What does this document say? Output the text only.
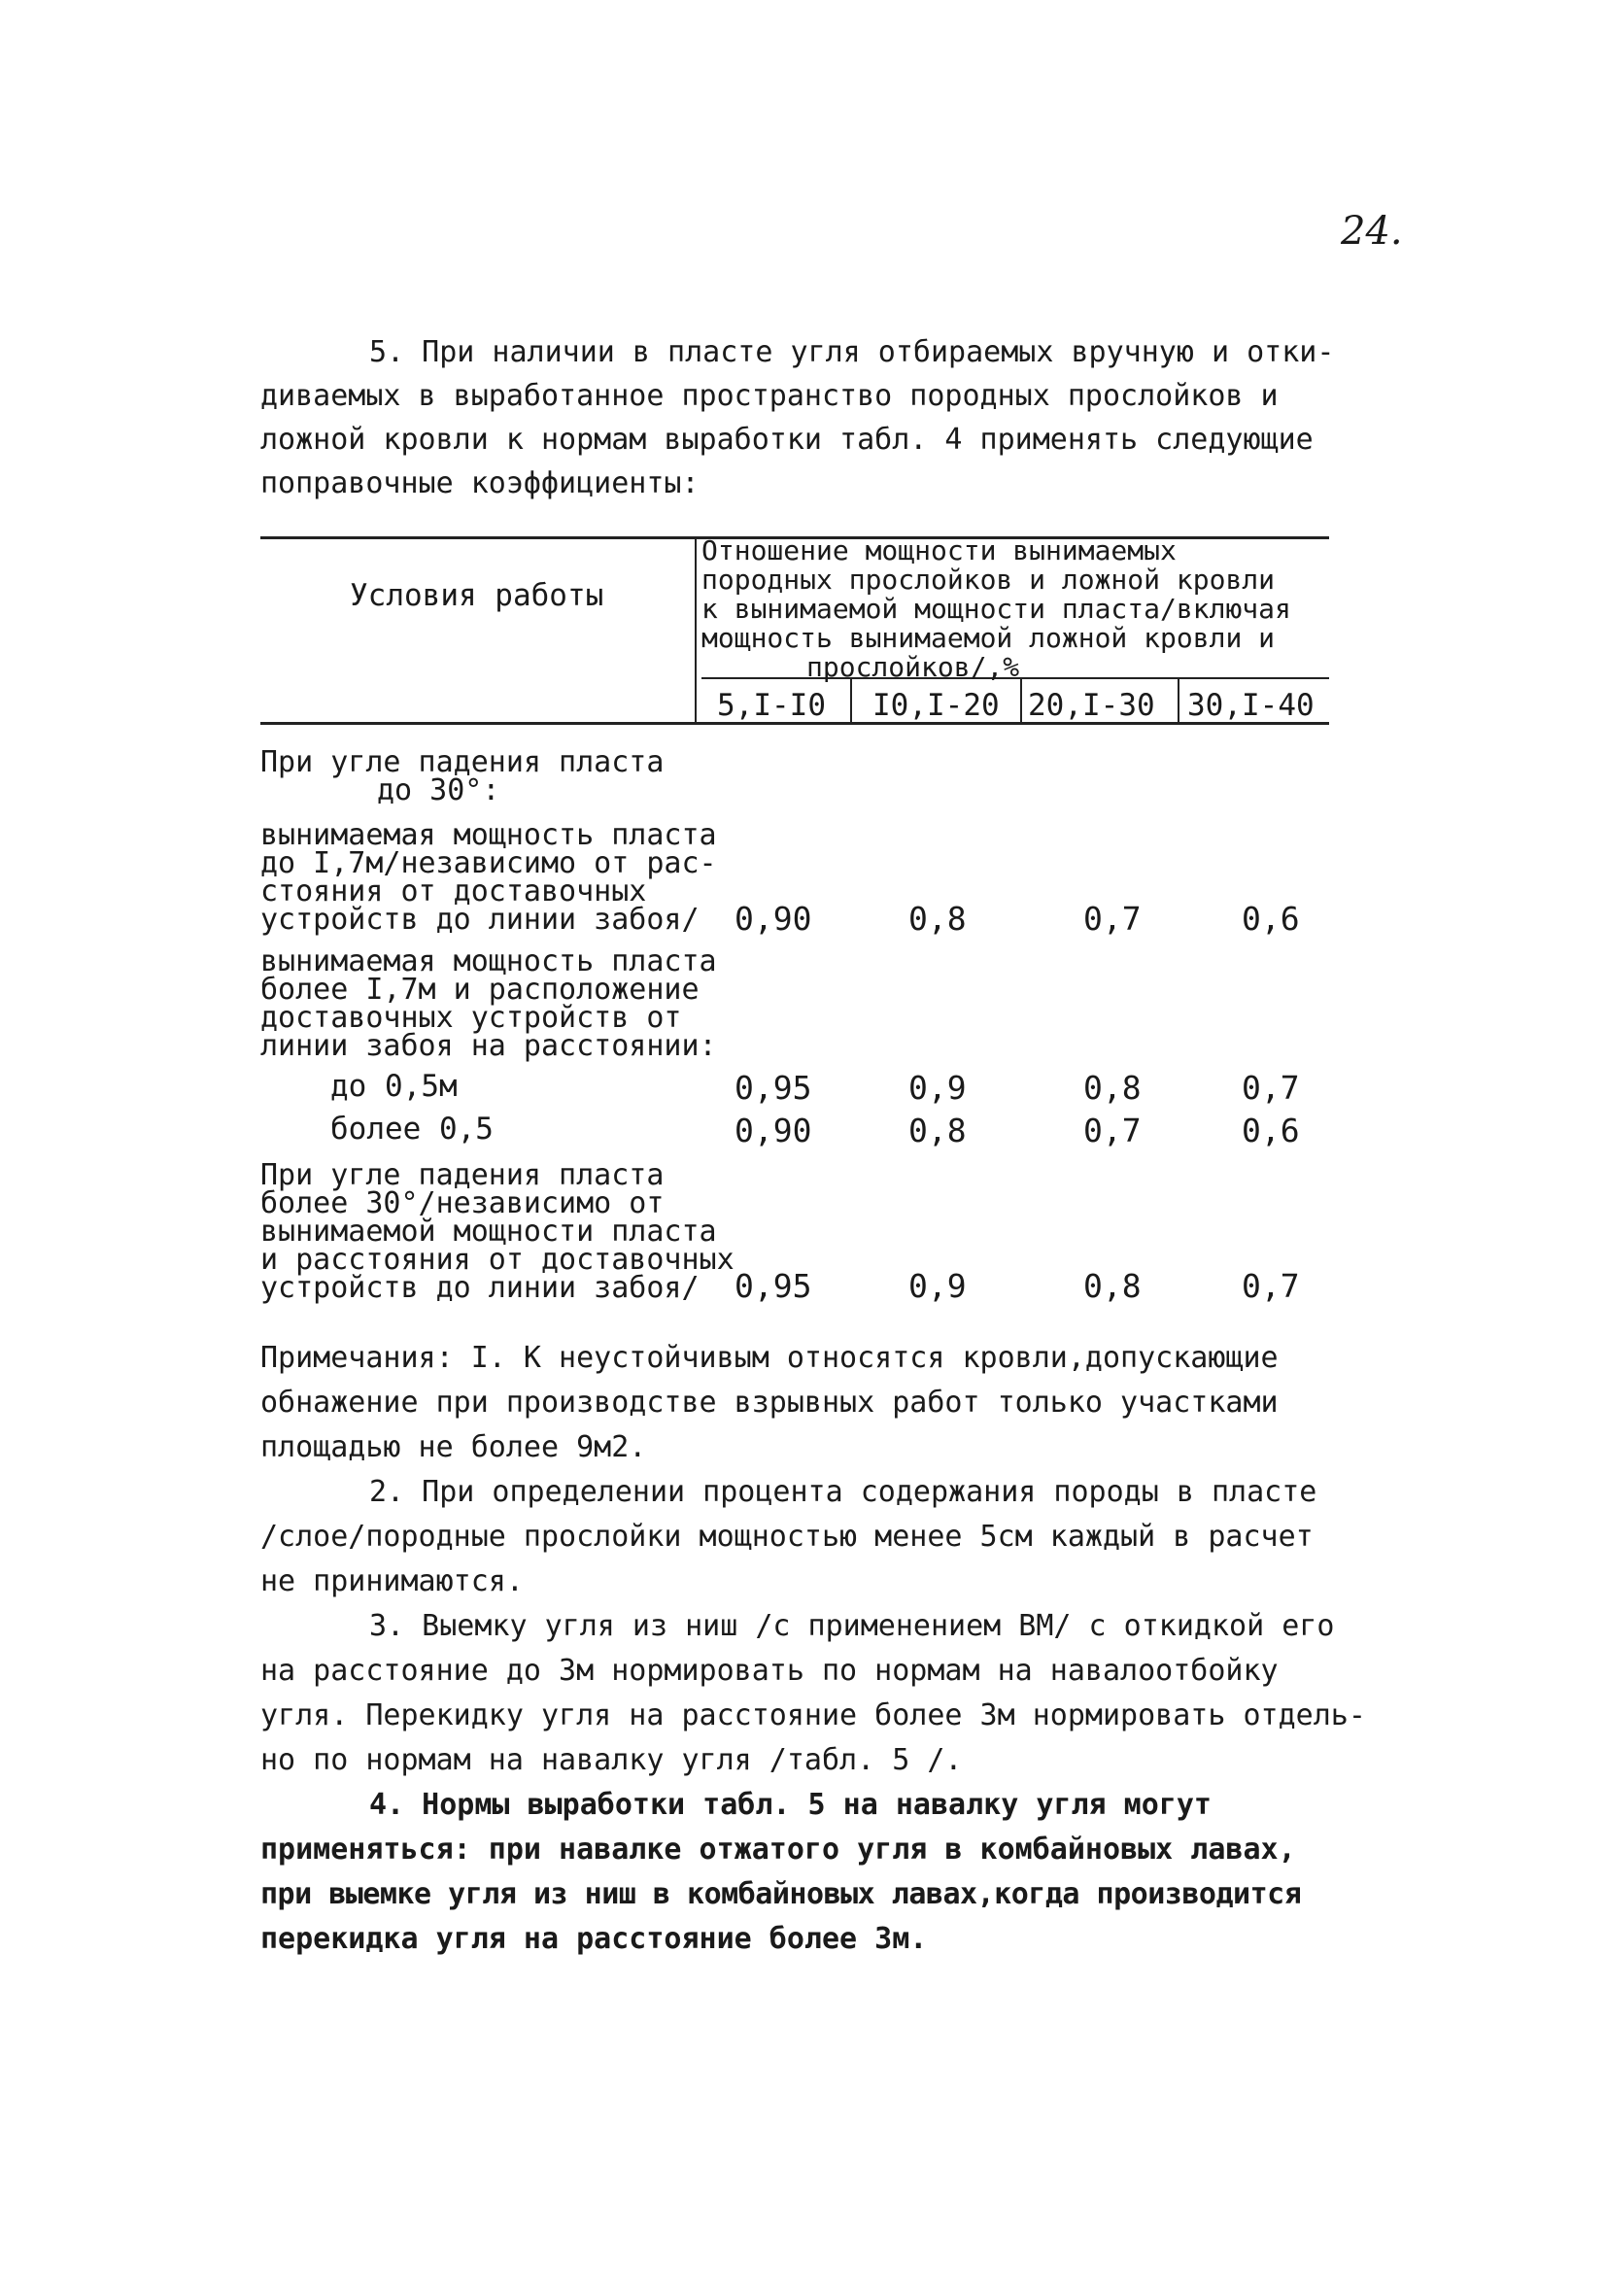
24.

5. При наличии в пласте угля отбираемых вручную и отки-

диваемых в выработанное пространство породных прослойков и

ложной кровли к нормам выработки табл. 4 применять следующие

поправочные коэффициенты:

Условия работы

Отношение мощности вынимаемых

породных прослойков и ложной кровли

к вынимаемой мощности пласта/включая

мощность вынимаемой ложной кровли и

прослойков/,%

5,I-I0 I0,I-20 20,I-30 30,I-40

При угле падения пласта

до 30°:

вынимаемая мощность пласта

до I,7м/независимо от рас-

стояния от доставочных

устройств до линии забоя/	0,90	0,8	0,7	0,6

вынимаемая мощность пласта

более I,7м и расположение

доставочных устройств от

линии забоя на расстоянии:

до 0,5м	0,95	0,9	0,8	0,7

более 0,5	0,90	0,8	0,7	0,6

При угле падения пласта

более 30°/независимо от

вынимаемой мощности пласта

и расстояния от доставочных

устройств до линии забоя/	0,95	0,9	0,8	0,7

Примечания: I. К неустойчивым относятся кровли,допускающие

обнажение при производстве взрывных работ только участками

площадью не более 9м2.

2. При определении процента содержания породы в пласте

/слое/породные прослойки мощностью менее 5см каждый в расчет

не принимаются.

3. Выемку угля из ниш /с применением ВМ/ с откидкой его

на расстояние до 3м нормировать по нормам на навалоотбойку

угля. Перекидку угля на расстояние более 3м нормировать отдель-

но по нормам на навалку угля /табл. 5 /.

4. Нормы выработки табл. 5 на навалку угля могут

применяться: при навалке отжатого угля в комбайновых лавах,

при выемке угля из ниш в комбайновых лавах,когда производится

перекидка угля на расстояние более 3м.
